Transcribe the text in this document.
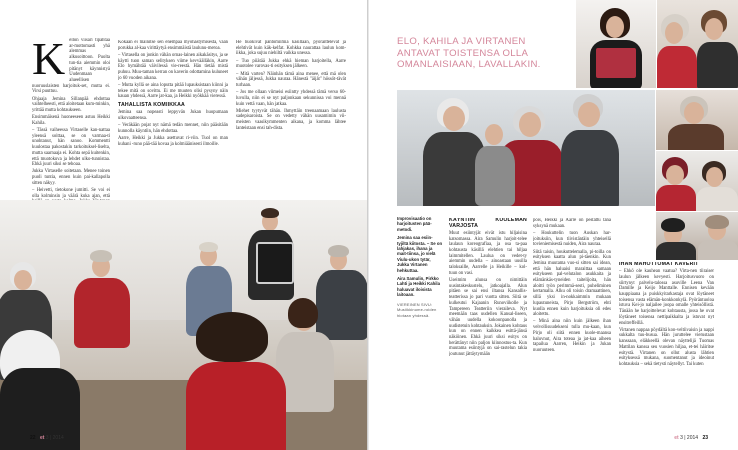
K ellon viisari tipahtaa ar-mottomasti yhä alemmas alkusoittoon. Puolta tun-tia aiemmin oloi pitänyt käynnistyä Uudenmaan alueellisen nuoruuslaisten harjoituk-set, mutta ei. Virsi puuttuu.

Ohjaaja Jemina Sillanpää ehdottaa vaihtelheesti, että aloitetaan kum-minkin, yrittää mutta kohtaukseen.

Ensimmäisenä huoneeseen astuu Heikki Kahila.

– Tässä vaiheessa Virtaselle kan-nattaa yleensä soittaa, se on varmaa-ti unohtanut, hän sanoo. Kommentti kuulostaa pakostakin tarkoituksel-liselta, mutta saarnaaja ei. Kohta sepä kuitenkin, että muotokuva ja lehdet ulko-tunnistaa. Ehkä juuri siksi se tehoaa.

Jukka Virtaselle soitetaan. Menee toinen puoli tuntia, ennen kuin pai-kallapolla sitten näkyy.

– Heivetti, tietokone jumitti. Se voi ei olla kolminsin ja väärä kuka ajan, että

Kokaan ei mainitse sen enempää myöhästymisestä, vaan porukka al-kaa virittäytyä ensimmäistä laulunu-meroa.

– Virtasella on jonkin vähän ornas-lainen aikakäsitys, ja se käytti tuon saman selityksen viime kevväälläkin, Aarre Elo hymähtää väivilessä vie-reestä. Hän tietää mistä puhuu. Muu-taman kerran on kaverin odottamina kuluneet jo 60 vuoden aikana.

– Mutta kyllä se aina loputta pitää lupauksistaan kiinni ja tekee mitä on sovittu. Ei me muuten olisi pysyny näin kauan yhdessä, Aarre jat-kaa, ja Heikki nyökkää vieressä.

TAHALLISTA KOMIIKKAA

Jemina saa nopeasti leppyvän Jukan huopumaan ulkovaatteensa.

– Veräkään pojat nyt nämä tedän mennet, niin pääsitään kunnolla käyntiin, hän ehdottaa.

Aarre, Heikki ja Jukka asettuvat ri-viin. Tuol on man kuhani -runo pää-tää kovaa ja kolmiäänisesti ilmoille.

He huokivat pantomiimia käsillään, pyöräittelevät ja elehtivät kuin käk-kelfat. Kohkka naurattaa laulun kom-iikka, joka sujuu niehiltä vaikka unessa.

– Tuo piiätää Jukka ehkä hieman harjoitella, Aarre muotolee varovas-ti esityksen jälkeen.

– Mitä varten? Näinhän tämä aina menee, että mä olen vähän jäljessä, Jukka nauraa. Hänestä "äijät" hössöt-tävät turhaan.

– Jos me ollaan viimeisi esiintty yhdessä tämä verso 60-luvulla, niin ei se nyt paljonkaan sekunnissa voi mennä kuin vettä vaan, hän jatkaa.

Miehet tyytyvät tähän. Ihmyttäin treenaamaan laulusta sadepisaroista. Se on vedetty vähän uusamimin vii-meisten vaasikymmenten aikana, ja komma lähtee lanteistaan ensi tah-dista.

22 et 3 | 2014
ELO, KAHILA JA VIRTANEN ANTAVAT TOISTENSA OLLA OMANLAISIAAN, LAVALLAKIN.
Improvisaatio on harjoitusten pää-metodi.
Jemina saa esiin-tyjiltä kiitosta. – Se on lahjakas, ihana ja mait-tiinsa, jo vielä Viulu-ukon tytär, Jukka Virtanen hehkuttaa.
Aira Samulin, Pirkko Lahti ja Heikki Kahila haluavat iloisista laitoaan.
VIEREINEN SIVU: Musiikkinume-roiden hiotaan yhdessä.
KÄYNTIIN KUOLEMAN VARJOSTA

Muut esiintyjät eivät istu hiljaisina katsomassa. Aira Samulin harjoit-telee laulaun koreografiaa, ja osa ta-paa kohtausta käsillä elehtien tai hiljaa laimmitellen. Laulua on vedet-ty aiemmin uudella – ainoastaan uusilla taloksaille, Aarrelle ja Heikille – kol-tuun on vasi.

Useimim alunsa on nimittäin uusintakeskustelu, jatkoajalla. Alun pitäen se sai ensi iltansa Kansallis-teatterissa jo pari vuotta sitten. Siitä se kulkeutui Kajaanin Runoviikolle ja Tampereen Teatteriin vieraileva. Nyt meemään taas uudellen Kansal-liseen, vähän uudella kokoonpanolla ja uudistetuin kohtauksin. Jokainen kohtaus kun on ennen kaikkea esittä-jänsä näköinen. Ehkä juuri siksi esitys on herättänyt niin paljon kiinnostus-ta. Kun muutama esiintyjä on sai-rastelun takia joutunut jättäytymään

pois, Heikki ja Aarre on pestattu tänä syksynä mukaan.

– Houkuttelin tuon Auskan har-joituksiin, kun tiivistäntäin yhteisellä tovieniemisestä nuiden, Aira nauraa.

Siitä taisin, houkuttelemalla, pi-toilla on esityksen kaatta alun pi-täenkin. Kun Jemina muutama vuo-si sitten sai idean, että hän haluaisi maraittaa samaan esitykseen pal-velutalon asukkaita ja elämänkäs-tyneiden taitelijoita, hän aloitti työn perimmä-sesti, puheliminen kertamalla. Alku oli toisin dramaattinen, sillä yksi in-nokkaimmin mukaan lupautuneista, Pirjo Bergström, ehti kuolla ennen kuin harjoituksia oli edes aloitettu.

– Minä aina niin kuin jälkeen ihan velvollisuudekseni tulla mu-kaan, kun Pirjo oli siitä ennen kuole-maansa haluvnut, Aira toteaa ja jat-kaa aiheen tapailua Aarren, Heikin ja Jukan nuoruuteen.

IHAN MAHOTTOMAT KAVERIT

– Ehkö ole kauhean vaatua? Virta-nen tiiraiser laulun jälkeen kevyesti. Harjoitusvuoro on siirtynyt palvelu-talossa asuville Leena Van Damille ja Keijo Manttalle. Ennisen kevään kauppiaana ja puiskkyitarkastaja ovat löytäneet toisensa vasta elämän-konkkonkylä. Pyöräntuoloa istuva Kei-jo naljailee joopa omalle yhteisöllistä. Tänään he harjoittelevat kohtausta, jossa he ovat löytäneet toisensa nettipaikkalta ja istuvat nyt ensitreffeillä.

Virtanen nappaa pöydältä kon-veltiivaisin ja nappi sukkalta tuu-busua. Hän juruttelee vierustaan kanssaan, eläkkeellä olevan näyttelijä Tuomas Mattilan kanssa seu vuosien hiljaa, et-tei häiritse esitystä. Virtanen on ollut alusta lähtien esityksessä mukana, suomentanut ja ideoinut kohtauksia – sekä tietysti näytellyt. Tai kuten

et 3 | 2014 23
